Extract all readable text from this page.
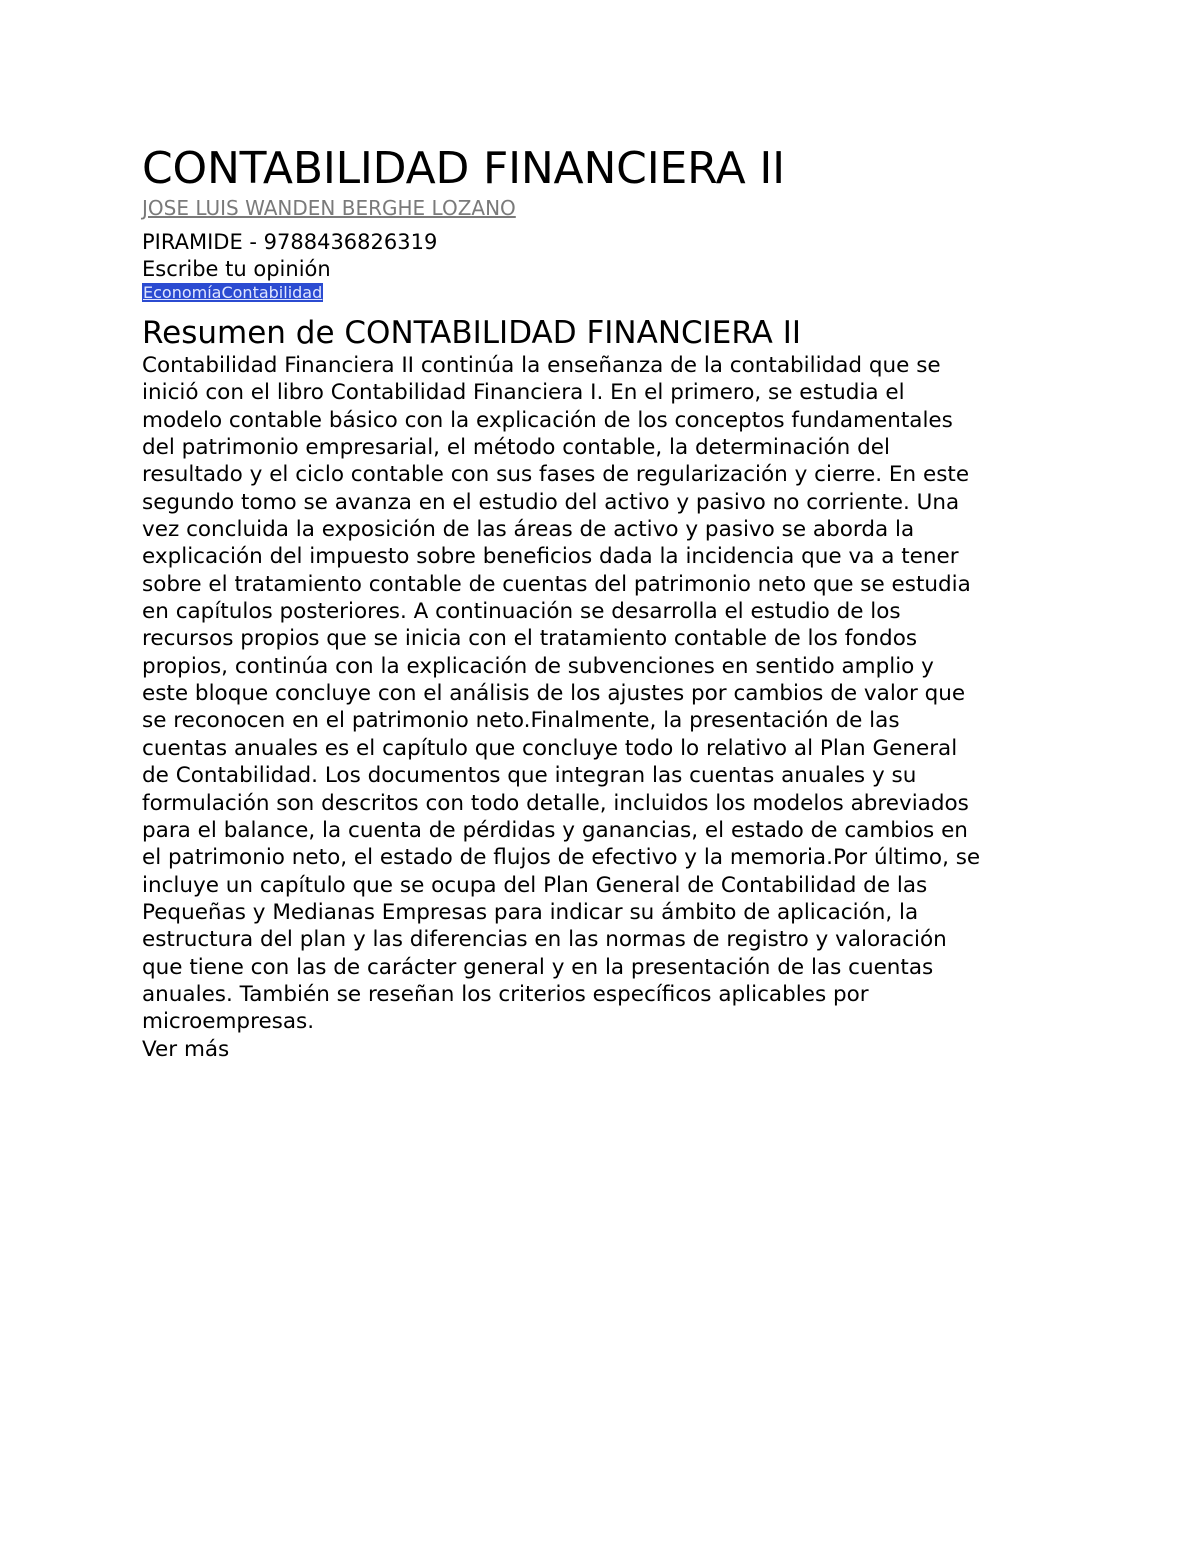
CONTABILIDAD FINANCIERA II
JOSE LUIS WANDEN BERGHE LOZANO
PIRAMIDE - 9788436826319
Escribe tu opinión
EconomíaContabilidad
Resumen de CONTABILIDAD FINANCIERA II
Contabilidad Financiera II continúa la enseñanza de la contabilidad que se
inició con el libro Contabilidad Financiera I. En el primero, se estudia el
modelo contable básico con la explicación de los conceptos fundamentales
del patrimonio empresarial, el método contable, la determinación del
resultado y el ciclo contable con sus fases de regularización y cierre. En este
segundo tomo se avanza en el estudio del activo y pasivo no corriente. Una
vez concluida la exposición de las áreas de activo y pasivo se aborda la
explicación del impuesto sobre beneficios dada la incidencia que va a tener
sobre el tratamiento contable de cuentas del patrimonio neto que se estudia
en capítulos posteriores. A continuación se desarrolla el estudio de los
recursos propios que se inicia con el tratamiento contable de los fondos
propios, continúa con la explicación de subvenciones en sentido amplio y
este bloque concluye con el análisis de los ajustes por cambios de valor que
se reconocen en el patrimonio neto.Finalmente, la presentación de las
cuentas anuales es el capítulo que concluye todo lo relativo al Plan General
de Contabilidad. Los documentos que integran las cuentas anuales y su
formulación son descritos con todo detalle, incluidos los modelos abreviados
para el balance, la cuenta de pérdidas y ganancias, el estado de cambios en
el patrimonio neto, el estado de flujos de efectivo y la memoria.Por último, se
incluye un capítulo que se ocupa del Plan General de Contabilidad de las
Pequeñas y Medianas Empresas para indicar su ámbito de aplicación, la
estructura del plan y las diferencias en las normas de registro y valoración
que tiene con las de carácter general y en la presentación de las cuentas
anuales. También se reseñan los criterios específicos aplicables por
microempresas.
Ver más
